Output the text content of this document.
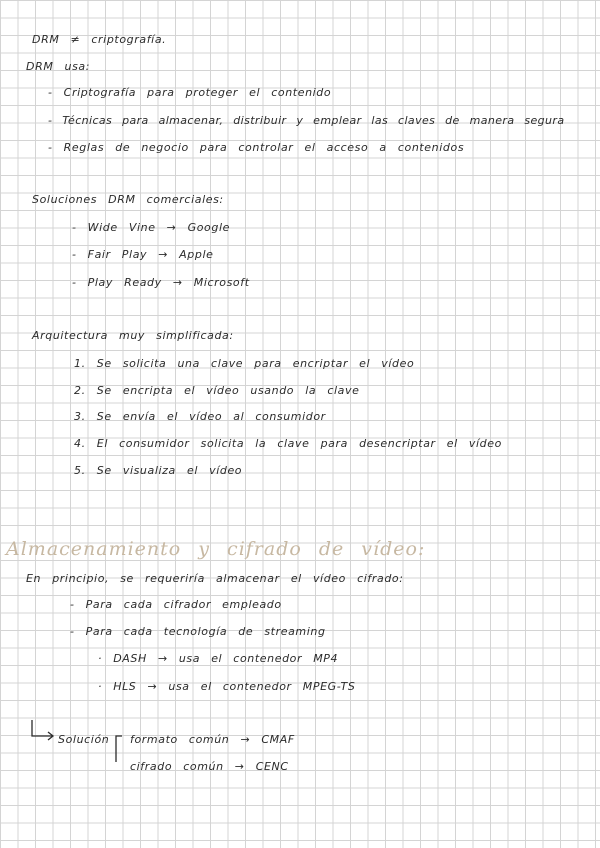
DRM ≠ criptografía.
DRM usa:
- Criptografía para proteger el contenido
- Técnicas para almacenar, distribuir y emplear las claves de manera segura
- Reglas de negocio para controlar el acceso a contenidos
Soluciones DRM comerciales:
- Wide Vine → Google
- Fair Play → Apple
- Play Ready → Microsoft
Arquitectura muy simplificada:
1. Se solicita una clave para encriptar el vídeo
2. Se encripta el vídeo usando la clave
3. Se envía el vídeo al consumidor
4. El consumidor solicita la clave para desencriptar el vídeo
5. Se visualiza el vídeo
Almacenamiento y cifrado de vídeo:
En principio, se requeriría almacenar el vídeo cifrado:
- Para cada cifrador empleado
- Para cada tecnología de streaming
· DASH → usa el contenedor MP4
· HLS → usa el contenedor MPEG-TS
Solución formato común → CMAF
cifrado común → CENC
